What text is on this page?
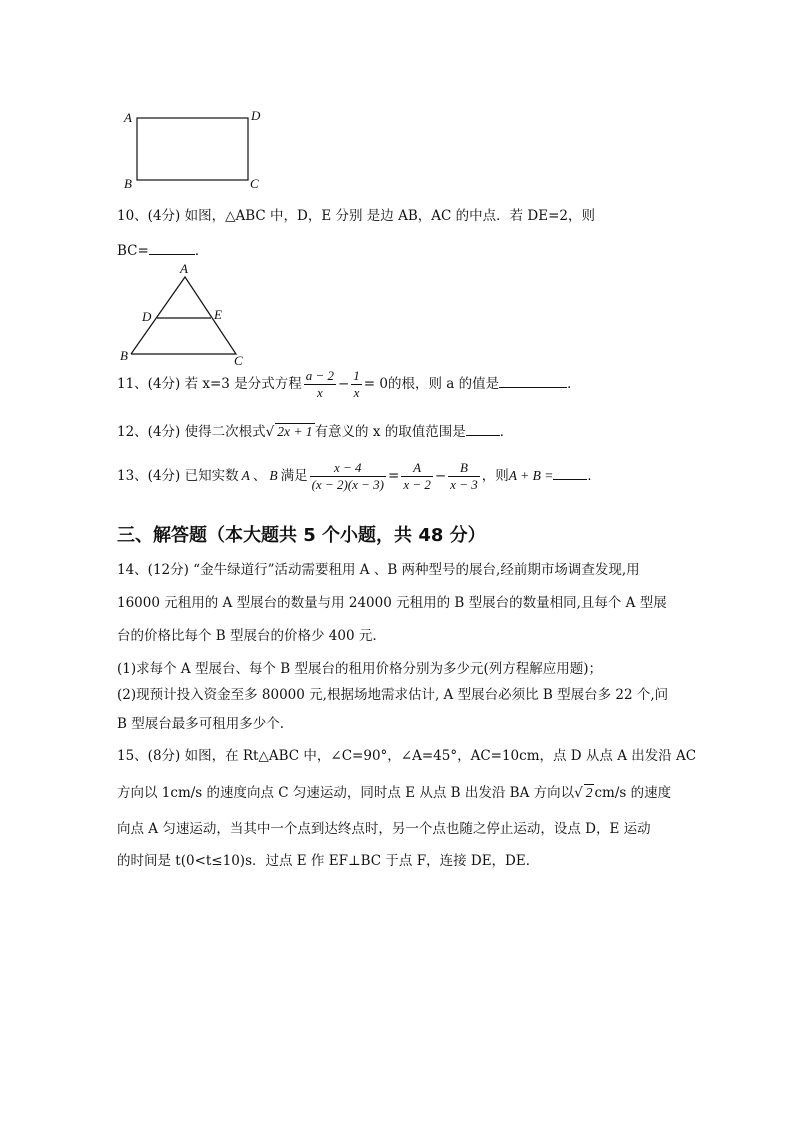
A	D
B	C
10、(4分) 如图，△ABC 中，D，E 分别 是边 AB，AC 的中点．若 DE=2，则
BC=	．
A
D	E
B	C
11、(4分) 若 x=3 是分式方程 $\frac{a - 2}{x} - \frac{1}{x} = 0$的根，则 a 的值是	．
12、(4分) 使得二次根式√ 2x + 1 有意义的 x 的取值范围是	．
13、(4分) 已知实数 A 、 B 满足 $\frac{x - 4}{(x - 2)(x - 3)} = \frac{A}{x - 2} - \frac{B}{x - 3}$ ，则A + B =	．
三、解答题（本大题共 5 个小题，共 48 分）
14、(12分) “金牛绿道行”活动需要租用 A 、B 两种型号的展台,经前期市场调查发现,用
16000 元租用的 A 型展台的数量与用 24000 元租用的 B 型展台的数量相同,且每个 A 型展
台的价格比每个 B 型展台的价格少 400 元.
(1)求每个 A 型展台、每个 B 型展台的租用价格分别为多少元(列方程解应用题)；
(2)现预计投入资金至多 80000 元,根据场地需求估计, A 型展台必须比 B 型展台多 22 个,问
B 型展台最多可租用多少个.
15、(8分) 如图，在 Rt△ABC 中，∠C=90°，∠A=45°，AC=10cm，点 D 从点 A 出发沿 AC
方向以 1cm/s 的速度向点 C 匀速运动，同时点 E 从点 B 出发沿 BA 方向以√ 2 cm/s 的速度
向点 A 匀速运动，当其中一个点到达终点时，另一个点也随之停止运动，设点 D，E 运动
的时间是 t(0<t≤10)s．过点 E 作 EF⊥BC 于点 F，连接 DE，DE．
